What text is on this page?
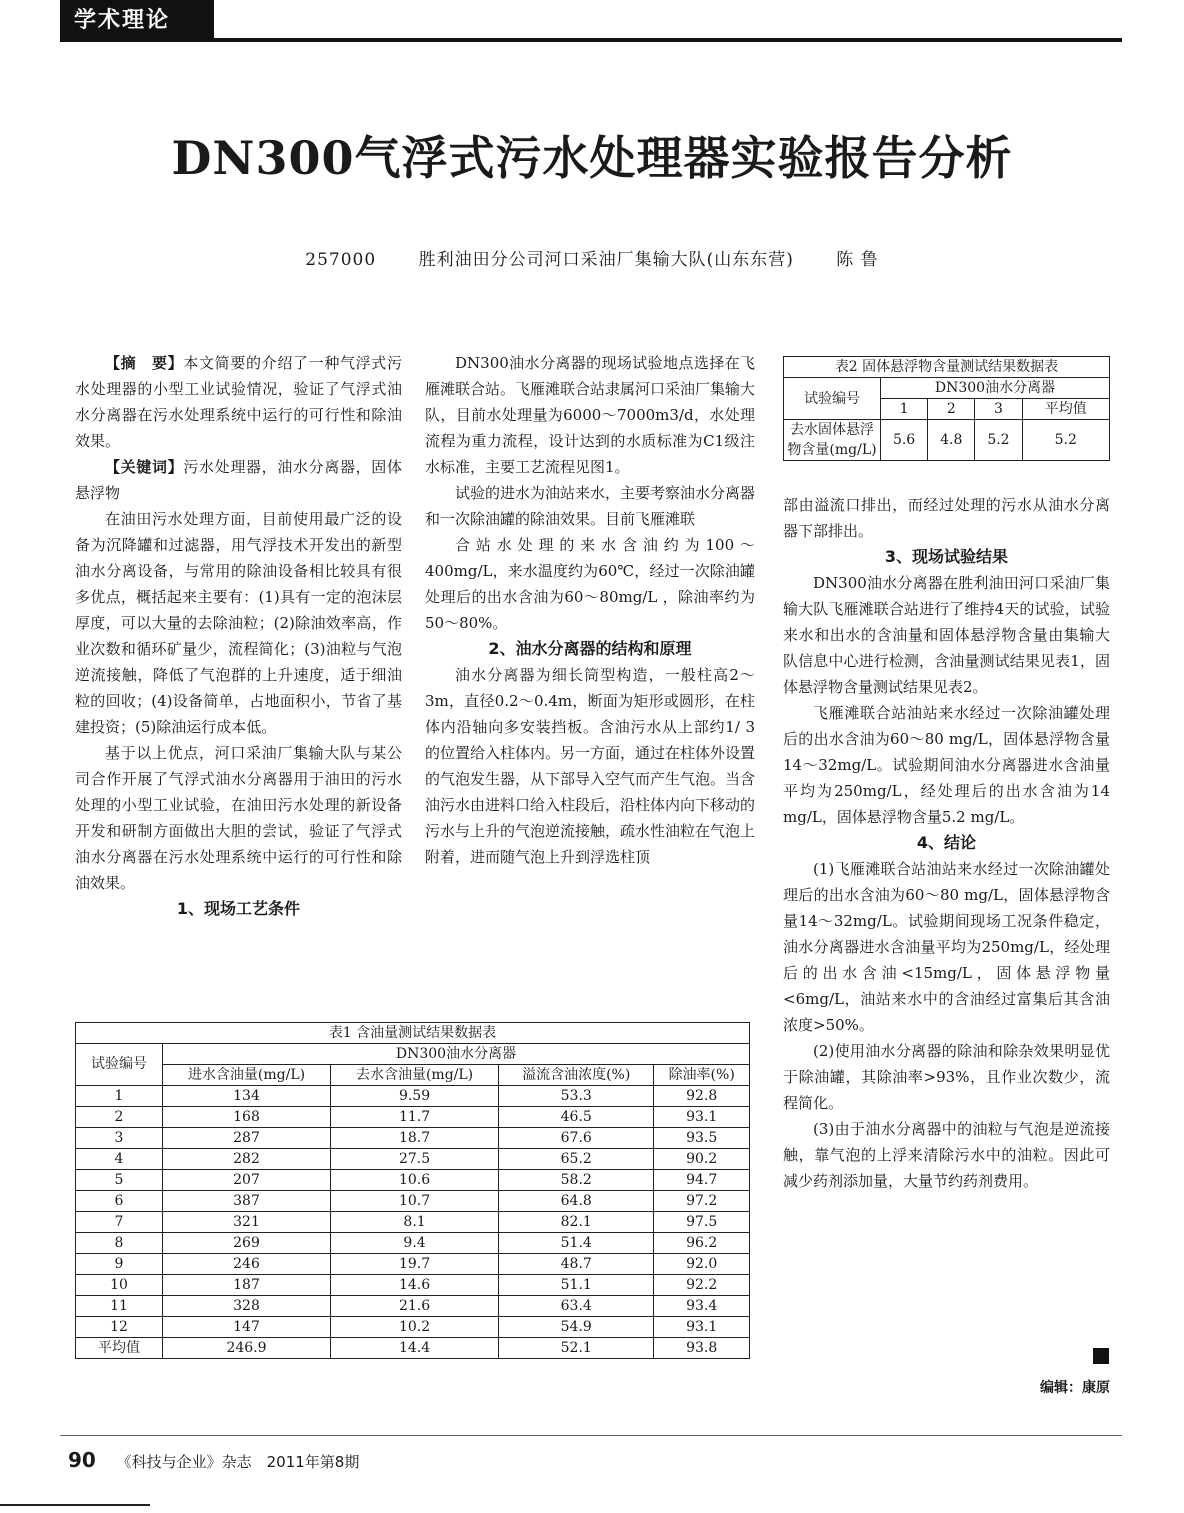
学术理论
DN300气浮式污水处理器实验报告分析
257000 胜利油田分公司河口采油厂集输大队(山东东营) 陈 鲁

【摘　要】本文简要的介绍了一种气浮式污水处理器的小型工业试验情况，验证了气浮式油水分离器在污水处理系统中运行的可行性和除油效果。

【关键词】污水处理器，油水分离器，固体悬浮物

在油田污水处理方面，目前使用最广泛的设备为沉降罐和过滤器，用气浮技术开发出的新型油水分离设备，与常用的除油设备相比较具有很多优点，概括起来主要有：(1)具有一定的泡沫层厚度，可以大量的去除油粒；(2)除油效率高，作业次数和循环矿量少，流程简化；(3)油粒与气泡逆流接触，降低了气泡群的上升速度，适于细油粒的回收；(4)设备简单，占地面积小，节省了基建投资；(5)除油运行成本低。

基于以上优点，河口采油厂集输大队与某公司合作开展了气浮式油水分离器用于油田的污水处理的小型工业试验，在油田污水处理的新设备开发和研制方面做出大胆的尝试，验证了气浮式油水分离器在污水处理系统中运行的可行性和除油效果。

1、现场工艺条件

DN300油水分离器的现场试验地点选择在飞雁滩联合站。飞雁滩联合站隶属河口采油厂集输大队，目前水处理量为6000～7000m3/d，水处理流程为重力流程，设计达到的水质标准为C1级注水标准，主要工艺流程见图1。

试验的进水为油站来水，主要考察油水分离器和一次除油罐的除油效果。目前飞雁滩联

合站水处理的来水含油约为100～400mg/L，来水温度约为60℃，经过一次除油罐处理后的出水含油为60～80mg/L ，除油率约为50～80%。

2、油水分离器的结构和原理

油水分离器为细长筒型构造，一般柱高2～3m，直径0.2～0.4m，断面为矩形或圆形，在柱体内沿轴向多安装挡板。含油污水从上部约1/ 3 的位置给入柱体内。另一方面，通过在柱体外设置的气泡发生器，从下部导入空气而产生气泡。当含油污水由进料口给入柱段后，沿柱体内向下移动的污水与上升的气泡逆流接触，疏水性油粒在气泡上附着，进而随气泡上升到浮选柱顶

表2 固体悬浮物含量测试结果数据表				
试验编号	DN300油水分离器			
	1	2	3	平均值
去水固体悬浮物含量(mg/L)	5.6	4.8	5.2	5.2

部由溢流口排出，而经过处理的污水从油水分离器下部排出。

3、现场试验结果

DN300油水分离器在胜利油田河口采油厂集输大队飞雁滩联合站进行了维持4天的试验，试验来水和出水的含油量和固体悬浮物含量由集输大队信息中心进行检测，含油量测试结果见表1，固体悬浮物含量测试结果见表2。

飞雁滩联合站油站来水经过一次除油罐处理后的出水含油为60～80 mg/L，固体悬浮物含量14～32mg/L。试验期间油水分离器进水含油量平均为250mg/L，经处理后的出水含油为14 mg/L，固体悬浮物含量5.2 mg/L。

4、结论

(1)飞雁滩联合站油站来水经过一次除油罐处理后的出水含油为60～80 mg/L，固体悬浮物含量14～32mg/L。试验期间现场工况条件稳定，油水分离器进水含油量平均为250mg/L，经处理后的出水含油<15mg/L，固体悬浮物量<6mg/L，油站来水中的含油经过富集后其含油浓度>50%。

(2)使用油水分离器的除油和除杂效果明显优于除油罐，其除油率>93%，且作业次数少，流程简化。

(3)由于油水分离器中的油粒与气泡是逆流接触，靠气泡的上浮来清除污水中的油粒。因此可减少药剂添加量，大量节约药剂费用。

编辑：康原
表1 含油量测试结果数据表				
试验编号	DN300油水分离器			
	进水含油量(mg/L)	去水含油量(mg/L)	溢流含油浓度(%)	除油率(%)
1	134	9.59	53.3	92.8
2	168	11.7	46.5	93.1
3	287	18.7	67.6	93.5
4	282	27.5	65.2	90.2
5	207	10.6	58.2	94.7
6	387	10.7	64.8	97.2
7	321	8.1	82.1	97.5
8	269	9.4	51.4	96.2
9	246	19.7	48.7	92.0
10	187	14.6	51.1	92.2
11	328	21.6	63.4	93.4
12	147	10.2	54.9	93.1
平均值	246.9	14.4	52.1	93.8
90 《科技与企业》杂志　2011年第8期
